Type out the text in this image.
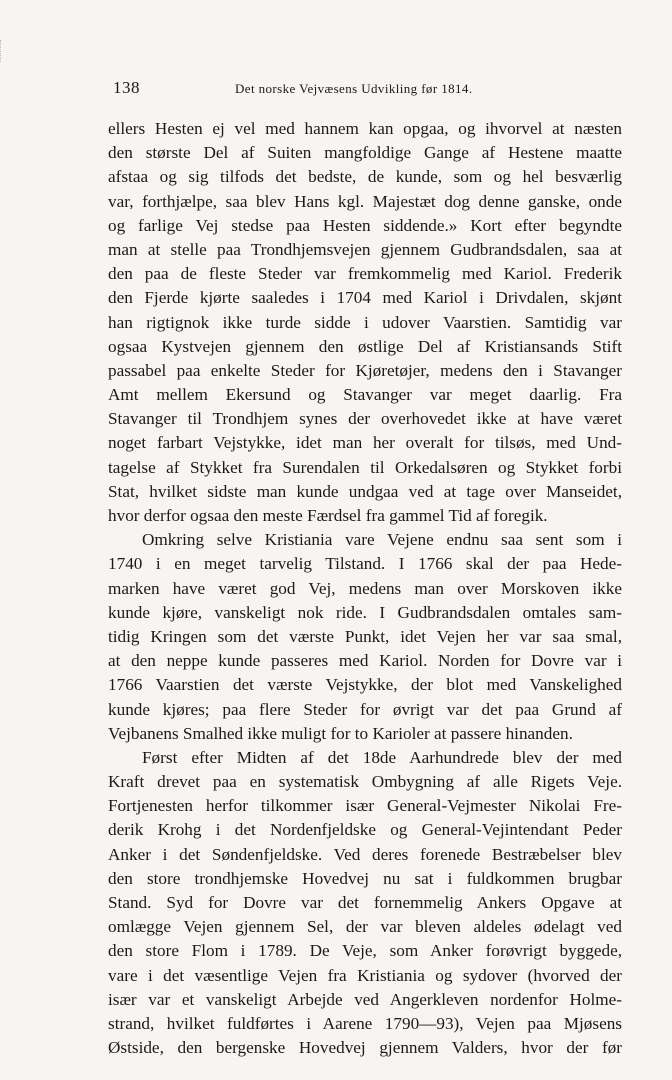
138	Det norske Vejvæsens Udvikling før 1814.
ellers Hesten ej vel med hannem kan opgaa, og ihvorvel at næsten
den største Del af Suiten mangfoldige Gange af Hestene maatte
afstaa og sig tilfods det bedste, de kunde, som og hel besværlig
var, forthjælpe, saa blev Hans kgl. Majestæt dog denne ganske, onde
og farlige Vej stedse paa Hesten siddende.» Kort efter begyndte
man at stelle paa Trondhjemsvejen gjennem Gudbrandsdalen, saa at
den paa de fleste Steder var fremkommelig med Kariol. Frederik
den Fjerde kjørte saaledes i 1704 med Kariol i Drivdalen, skjønt
han rigtignok ikke turde sidde i udover Vaarstien. Samtidig var
ogsaa Kystvejen gjennem den østlige Del af Kristiansands Stift
passabel paa enkelte Steder for Kjøretøjer, medens den i Stavanger
Amt mellem Ekersund og Stavanger var meget daarlig. Fra
Stavanger til Trondhjem synes der overhovedet ikke at have været
noget farbart Vejstykke, idet man her overalt for tilsøs, med Und-
tagelse af Stykket fra Surendalen til Orkedalsøren og Stykket forbi
Stat, hvilket sidste man kunde undgaa ved at tage over Manseidet,
hvor derfor ogsaa den meste Færdsel fra gammel Tid af foregik.
Omkring selve Kristiania vare Vejene endnu saa sent som i
1740 i en meget tarvelig Tilstand. I 1766 skal der paa Hede-
marken have været god Vej, medens man over Morskoven ikke
kunde kjøre, vanskeligt nok ride. I Gudbrandsdalen omtales sam-
tidig Kringen som det værste Punkt, idet Vejen her var saa smal,
at den neppe kunde passeres med Kariol. Norden for Dovre var i
1766 Vaarstien det værste Vejstykke, der blot med Vanskelighed
kunde kjøres; paa flere Steder for øvrigt var det paa Grund af
Vejbanens Smalhed ikke muligt for to Karioler at passere hinanden.
Først efter Midten af det 18de Aarhundrede blev der med
Kraft drevet paa en systematisk Ombygning af alle Rigets Veje.
Fortjenesten herfor tilkommer især General-Vejmester Nikolai Fre-
derik Krohg i det Nordenfjeldske og General-Vejintendant Peder
Anker i det Søndenfjeldske. Ved deres forenede Bestræbelser blev
den store trondhjemske Hovedvej nu sat i fuldkommen brugbar
Stand. Syd for Dovre var det fornemmelig Ankers Opgave at
omlægge Vejen gjennem Sel, der var bleven aldeles ødelagt ved
den store Flom i 1789. De Veje, som Anker forøvrigt byggede,
vare i det væsentlige Vejen fra Kristiania og sydover (hvorved der
især var et vanskeligt Arbejde ved Angerkleven nordenfor Holme-
strand, hvilket fuldførtes i Aarene 1790—93), Vejen paa Mjøsens
Østside, den bergenske Hovedvej gjennem Valders, hvor der før
